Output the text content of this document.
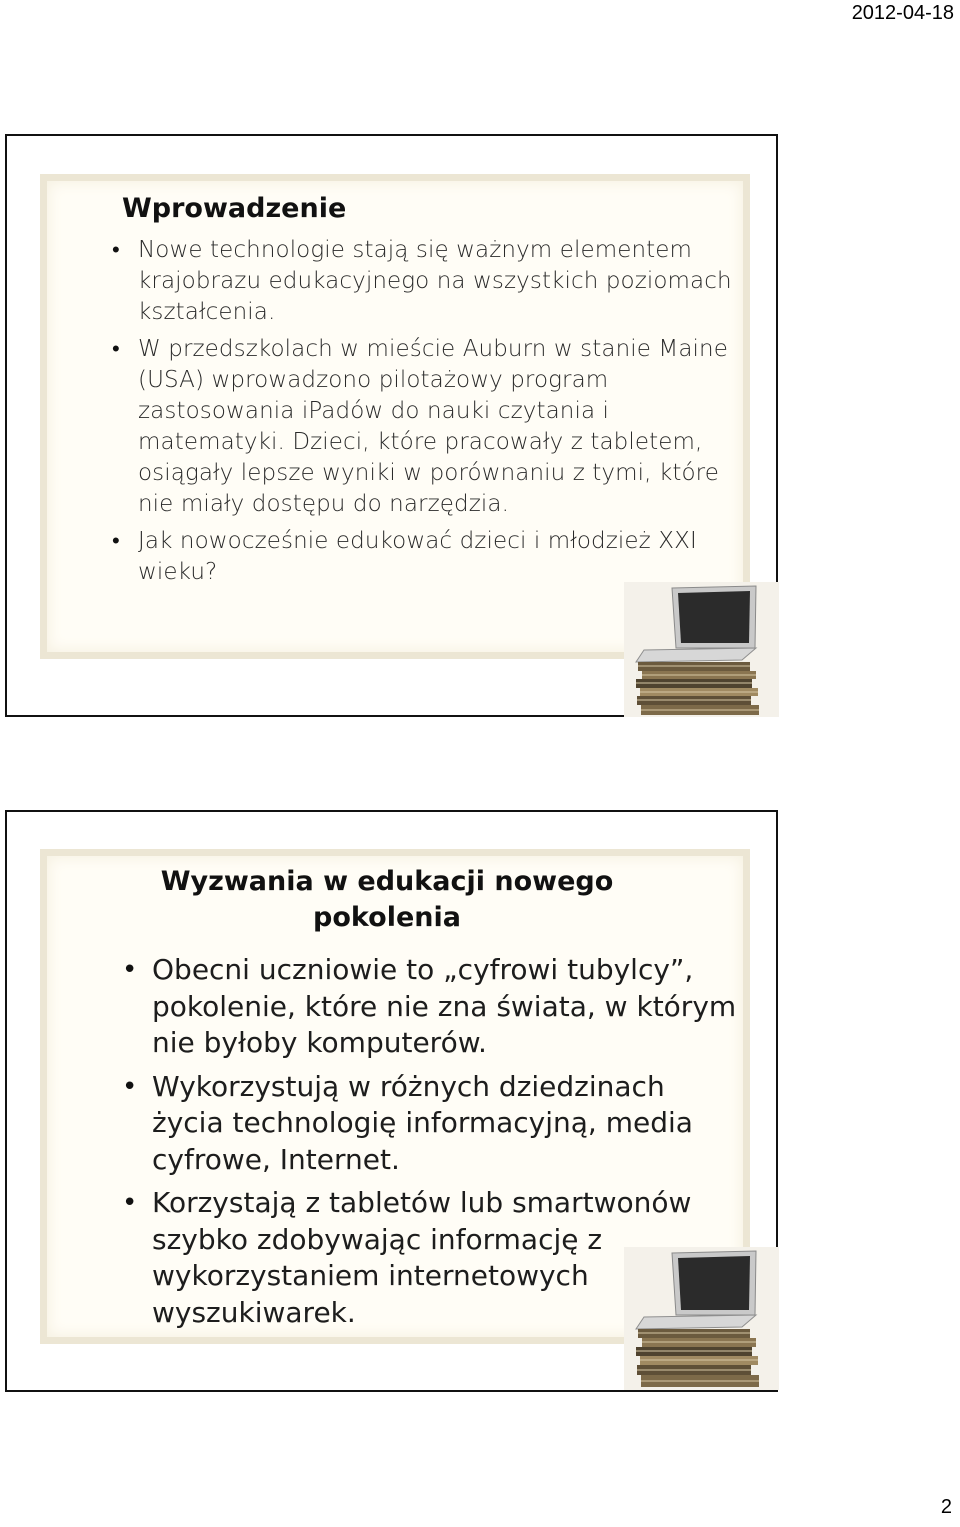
2012-04-18
Wprowadzenie
• Nowe technologie stają się ważnym elementem krajobrazu edukacyjnego na wszystkich poziomach kształcenia.
• W przedszkolach w mieście Auburn w stanie Maine (USA) wprowadzono pilotażowy program zastosowania iPadów do nauki czytania i matematyki. Dzieci, które pracowały z tabletem, osiągały lepsze wyniki w porównaniu z tymi, które nie miały dostępu do narzędzia.
• Jak nowocześnie edukować dzieci i młodzież XXI wieku?
Wyzwania w edukacji nowego pokolenia
• Obecni uczniowie to „cyfrowi tubylcy”, pokolenie, które nie zna świata, w którym nie byłoby komputerów.
• Wykorzystują w różnych dziedzinach życia technologię informacyjną, media cyfrowe, Internet.
• Korzystają z tabletów lub smartwonów szybko zdobywając informację z wykorzystaniem internetowych wyszukiwarek.
2
